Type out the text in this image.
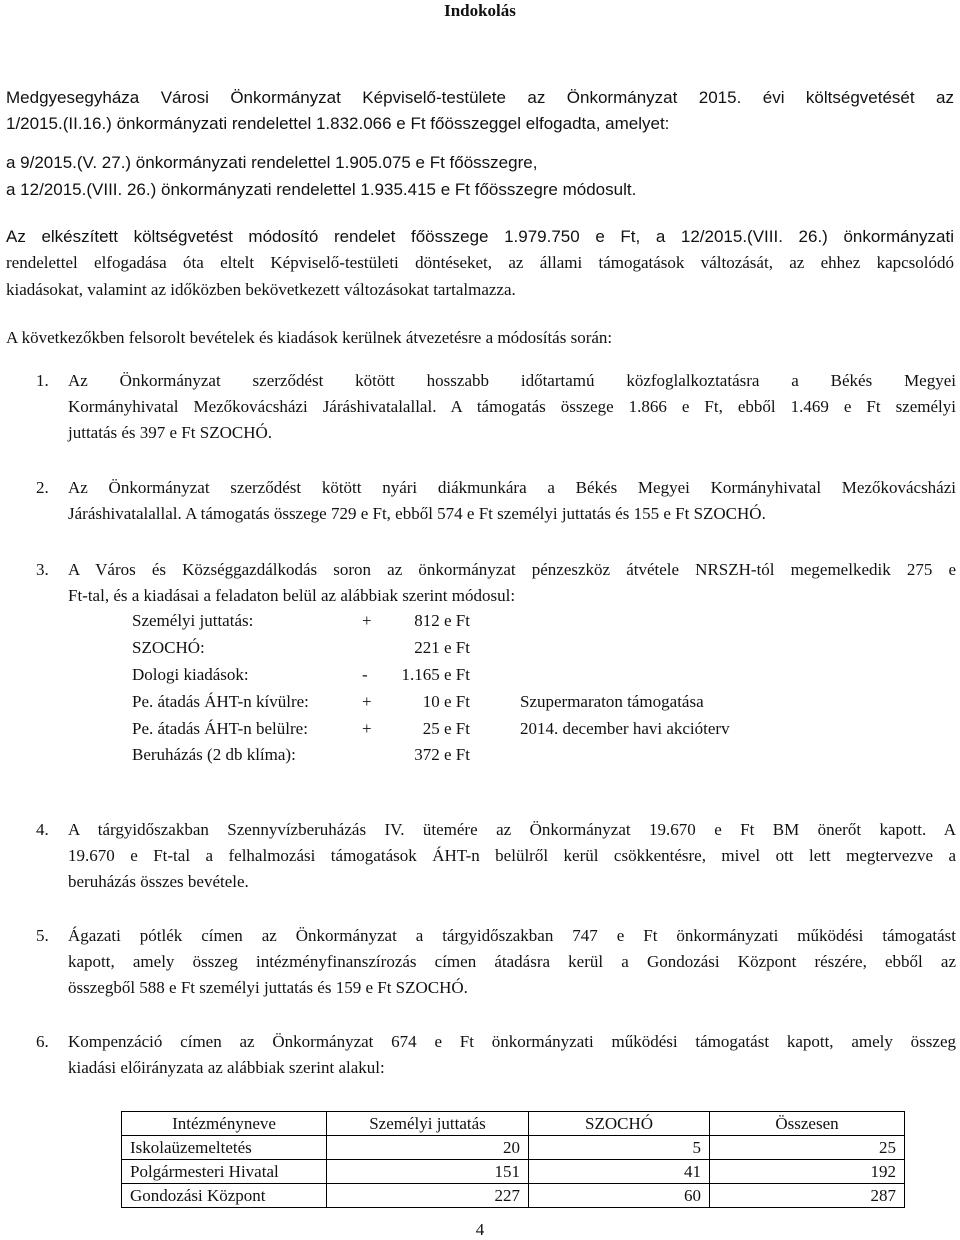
Indokolás
Medgyesegyháza Városi Önkormányzat Képviselő-testülete az Önkormányzat 2015. évi költségvetését az
1/2015.(II.16.) önkormányzati rendelettel 1.832.066 e Ft főösszeggel elfogadta, amelyet:
a 9/2015.(V. 27.) önkormányzati rendelettel 1.905.075 e Ft főösszegre,
a 12/2015.(VIII. 26.) önkormányzati rendelettel 1.935.415 e Ft főösszegre módosult.
Az elkészített költségvetést módosító rendelet főösszege 1.979.750 e Ft, a 12/2015.(VIII. 26.) önkormányzati
rendelettel elfogadása óta eltelt Képviselő-testületi döntéseket, az állami támogatások változását, az ehhez kapcsolódó
kiadásokat, valamint az időközben bekövetkezett változásokat tartalmazza.
A következőkben felsorolt bevételek és kiadások kerülnek átvezetésre a módosítás során:
1. Az Önkormányzat szerződést kötött hosszabb időtartamú közfoglalkoztatásra a Békés Megyei
Kormányhivatal Mezőkovácsházi Járáshivatalallal. A támogatás összege 1.866 e Ft, ebből 1.469 e Ft személyi
juttatás és 397 e Ft SZOCHÓ.
2. Az Önkormányzat szerződést kötött nyári diákmunkára a Békés Megyei Kormányhivatal Mezőkovácsházi
Járáshivatalallal. A támogatás összege 729 e Ft, ebből 574 e Ft személyi juttatás és 155 e Ft SZOCHÓ.
3. A Város és Községgazdálkodás soron az önkormányzat pénzeszköz átvétele NRSZH-tól megemelkedik 275 e
Ft-tal, és a kiadásai a feladaton belül az alábbiak szerint módosul:
Személyi juttatás:	+	812 e Ft
SZOCHÓ:	221 e Ft
Dologi kiadások:	- 1.165 e Ft
Pe. átadás ÁHT-n kívülre:	+	10 e Ft	Szupermaraton támogatása
Pe. átadás ÁHT-n belülre:	+	25 e Ft	2014. december havi akcióterv
Beruházás (2 db klíma):	372 e Ft
4. A tárgyidőszakban Szennyvízberuházás IV. ütemére az Önkormányzat 19.670 e Ft BM önerőt kapott. A
19.670 e Ft-tal a felhalmozási támogatások ÁHT-n belülről kerül csökkentésre, mivel ott lett megtervezve a
beruházás összes bevétele.
5. Ágazati pótlék címen az Önkormányzat a tárgyidőszakban 747 e Ft önkormányzati működési támogatást
kapott, amely összeg intézményfinanszírozás címen átadásra kerül a Gondozási Központ részére, ebből az
összegből 588 e Ft személyi juttatás és 159 e Ft SZOCHÓ.
6. Kompenzáció címen az Önkormányzat 674 e Ft önkormányzati működési támogatást kapott, amely összeg
kiadási előirányzata az alábbiak szerint alakul:
Intézményneve	Személyi juttatás	SZOCHÓ	Összesen
Iskolaüzemeltetés	20	5	25
Polgármesteri Hivatal	151	41	192
Gondozási Központ	227	60	287
4
